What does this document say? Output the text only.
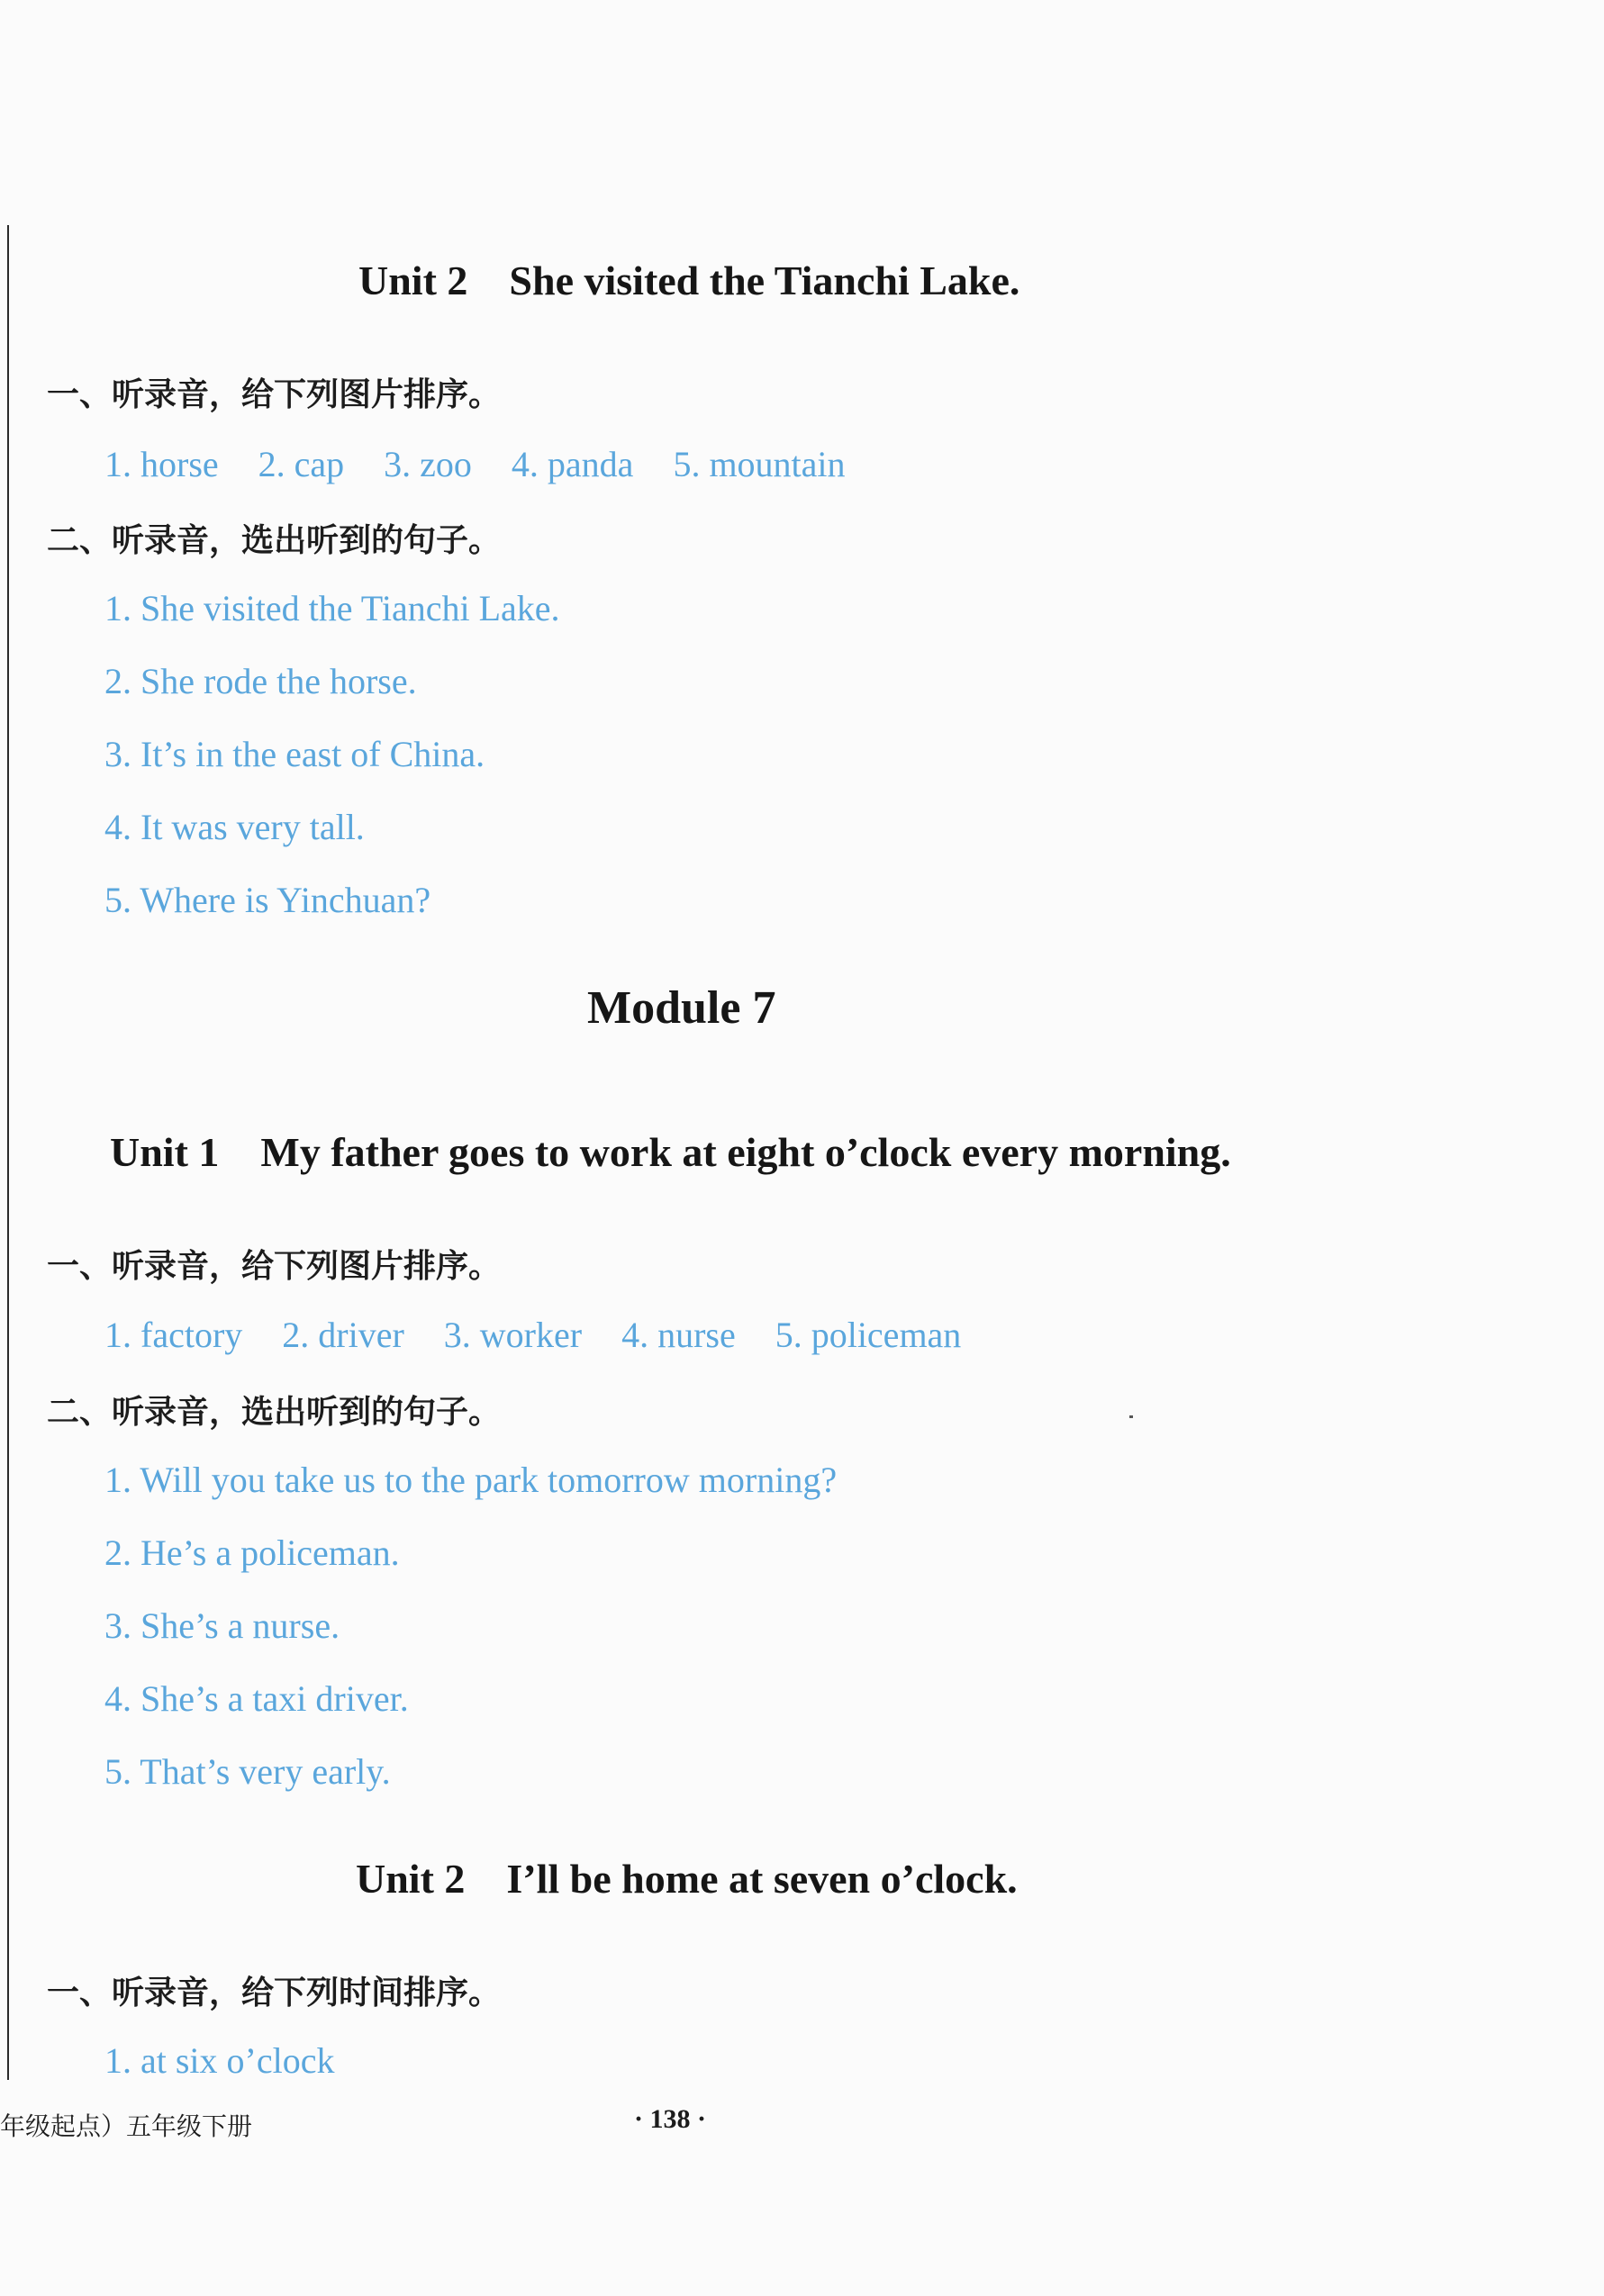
Unit 2    She visited the Tianchi Lake.
一、听录音，给下列图片排序。
1. horse 2. cap 3. zoo 4. panda 5. mountain
二、听录音，选出听到的句子。

1. She visited the Tianchi Lake.

2. She rode the horse.

3. It’s in the east of China.

4. It was very tall.

5. Where is Yinchuan?

Module 7
Unit 1    My father goes to work at eight o’clock every morning.
一、听录音，给下列图片排序。
1. factory 2. driver 3. worker 4. nurse 5. policeman
二、听录音，选出听到的句子。

1. Will you take us to the park tomorrow morning?

2. He’s a policeman.

3. She’s a nurse.

4. She’s a taxi driver.

5. That’s very early.

Unit 2    I’ll be home at seven o’clock.
一、听录音，给下列时间排序。

1. at six o’clock

年级起点）五年级下册	· 138 ·
